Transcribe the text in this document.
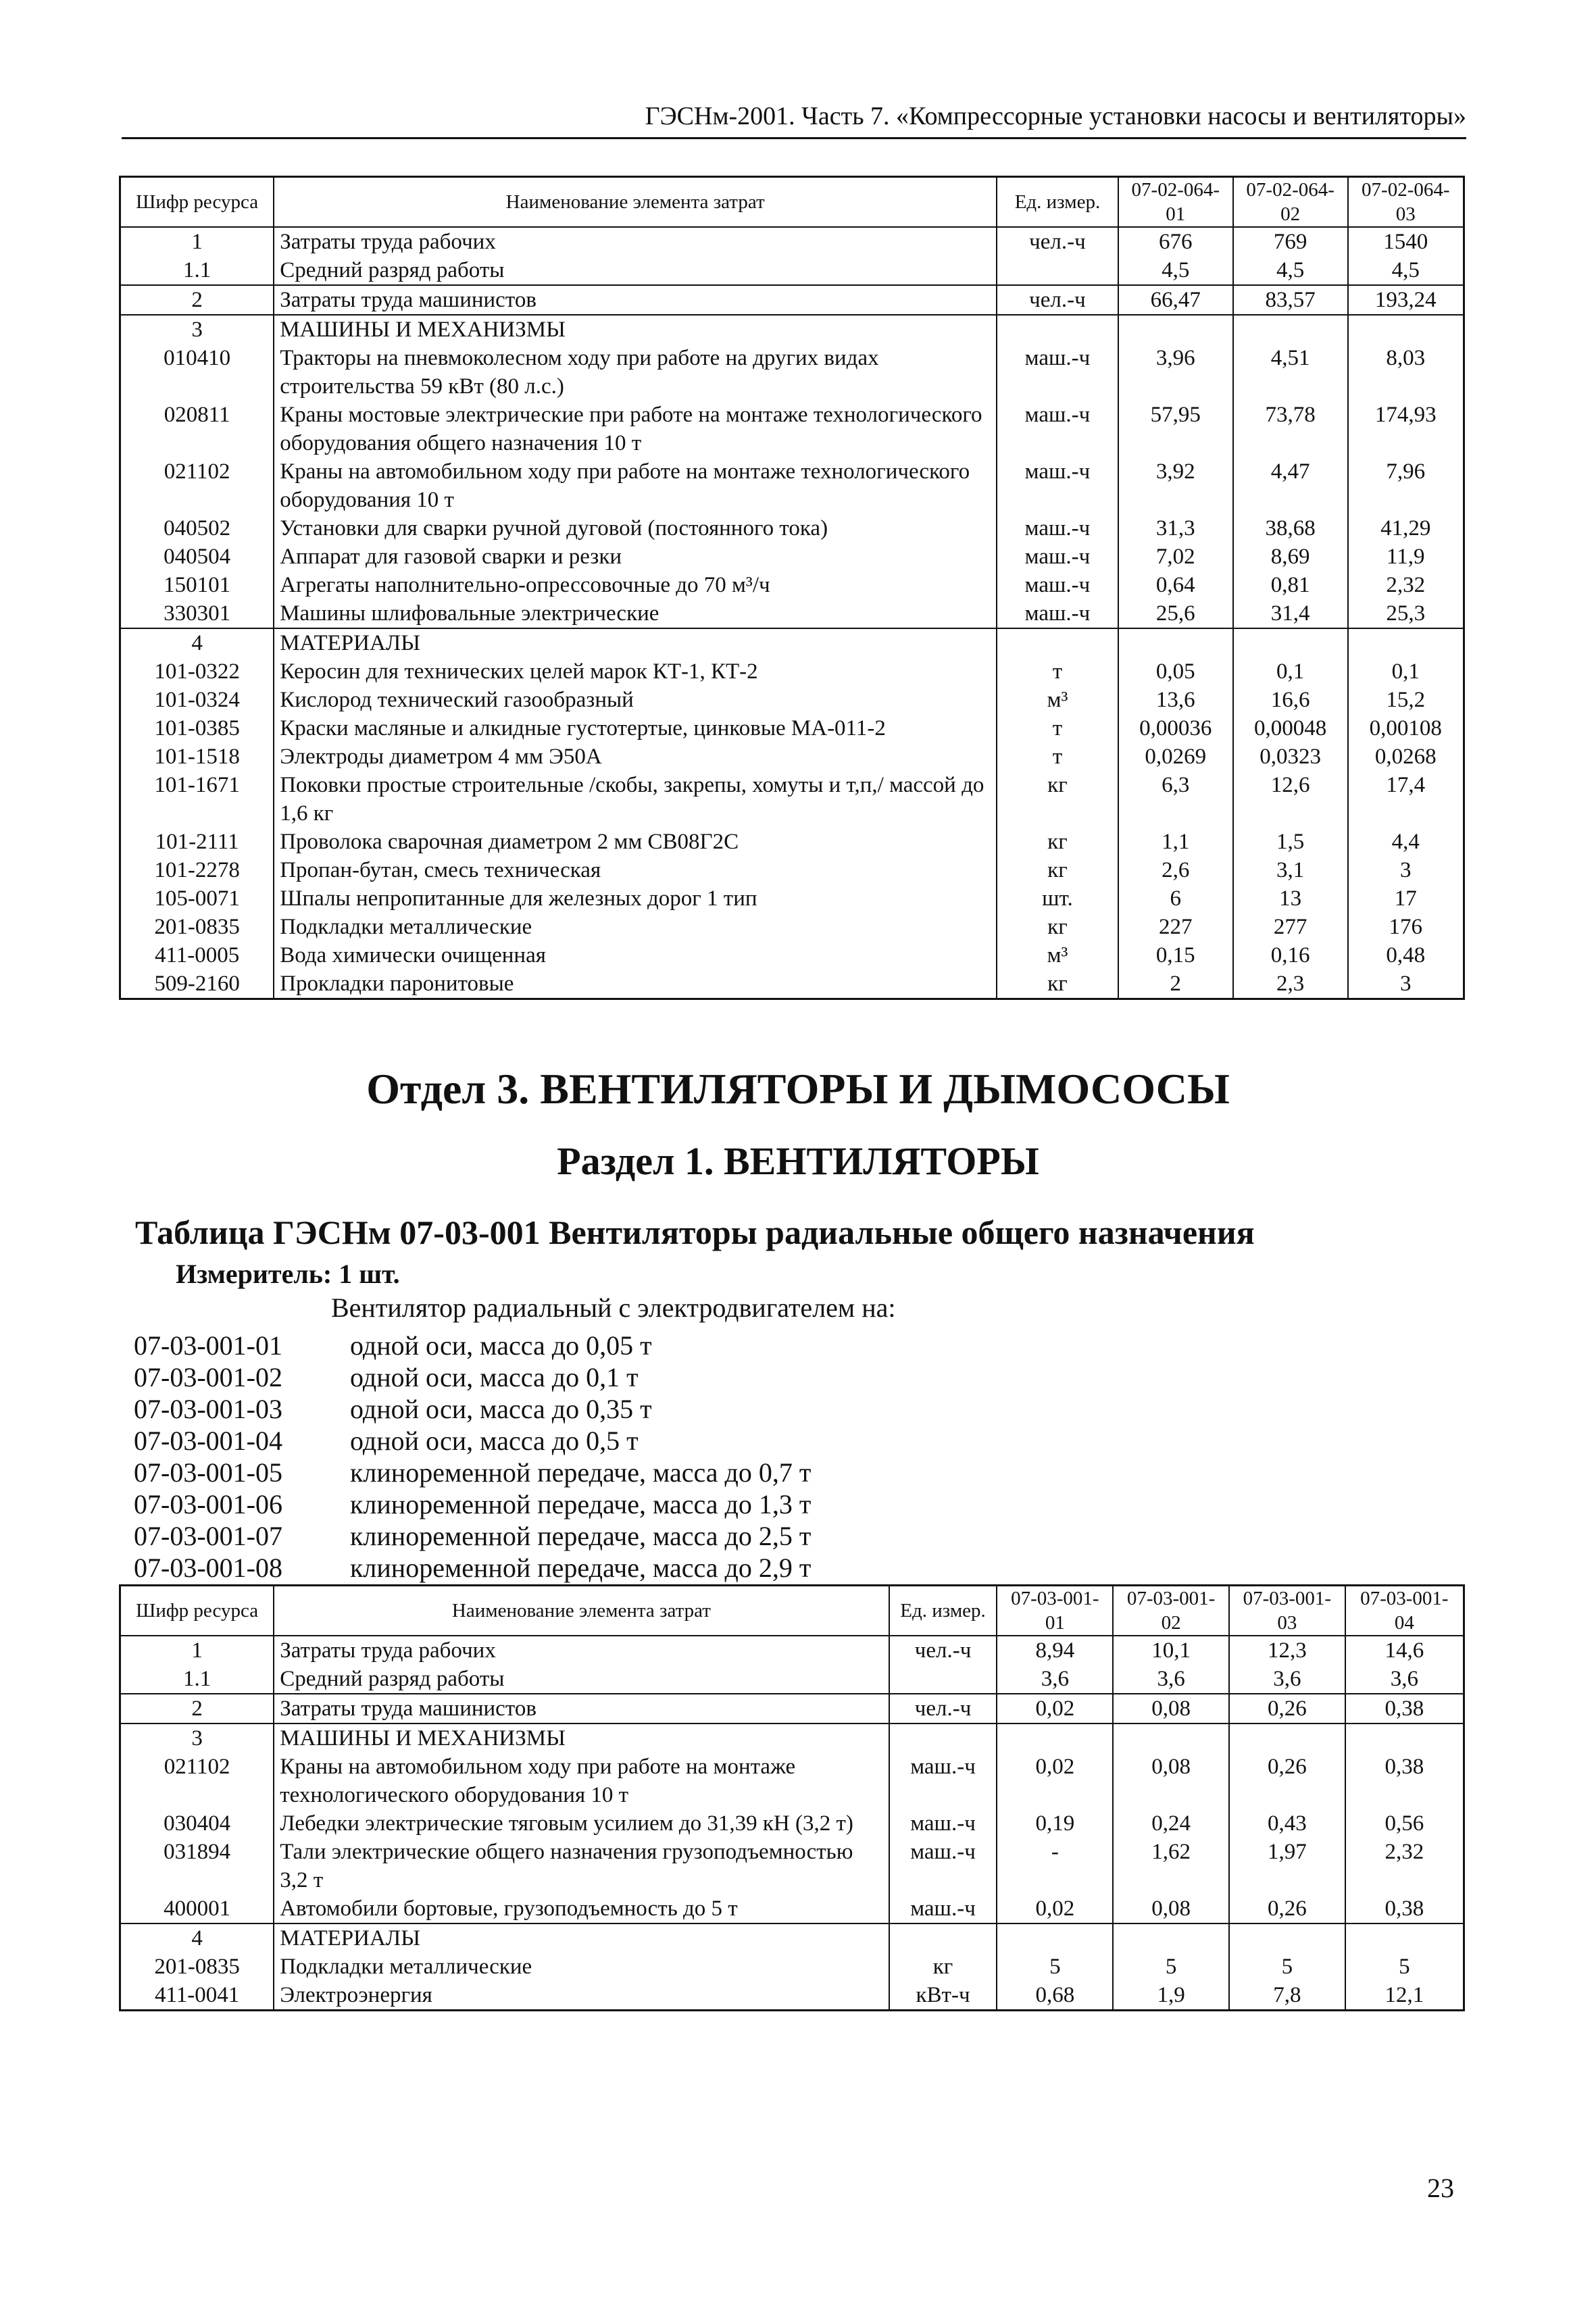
ГЭСНм-2001. Часть 7. «Компрессорные установки насосы и вентиляторы»
Шифр ресурса	Наименование элемента затрат	Ед. измер.	07-02-064-01	07-02-064-02	07-02-064-03
1	Затраты труда рабочих	чел.-ч	676	769	1540
1.1	Средний разряд работы		4,5	4,5	4,5
2	Затраты труда машинистов	чел.-ч	66,47	83,57	193,24
3	МАШИНЫ И МЕХАНИЗМЫ				
010410	Тракторы на пневмоколесном ходу при работе на других видах строительства 59 кВт (80 л.с.)	маш.-ч	3,96	4,51	8,03
020811	Краны мостовые электрические при работе на монтаже технологического оборудования общего назначения 10 т	маш.-ч	57,95	73,78	174,93
021102	Краны на автомобильном ходу при работе на монтаже технологического оборудования 10 т	маш.-ч	3,92	4,47	7,96
040502	Установки для сварки ручной дуговой (постоянного тока)	маш.-ч	31,3	38,68	41,29
040504	Аппарат для газовой сварки и резки	маш.-ч	7,02	8,69	11,9
150101	Агрегаты наполнительно-опрессовочные до 70 м³/ч	маш.-ч	0,64	0,81	2,32
330301	Машины шлифовальные электрические	маш.-ч	25,6	31,4	25,3
4	МАТЕРИАЛЫ				
101-0322	Керосин для технических целей марок КТ-1, КТ-2	т	0,05	0,1	0,1
101-0324	Кислород технический газообразный	м³	13,6	16,6	15,2
101-0385	Краски масляные и алкидные густотертые, цинковые МА-011-2	т	0,00036	0,00048	0,00108
101-1518	Электроды диаметром 4 мм Э50А	т	0,0269	0,0323	0,0268
101-1671	Поковки простые строительные /скобы, закрепы, хомуты и т,п,/ массой до 1,6 кг	кг	6,3	12,6	17,4
101-2111	Проволока сварочная диаметром 2 мм СВ08Г2С	кг	1,1	1,5	4,4
101-2278	Пропан-бутан, смесь техническая	кг	2,6	3,1	3
105-0071	Шпалы непропитанные для железных дорог 1 тип	шт.	6	13	17
201-0835	Подкладки металлические	кг	227	277	176
411-0005	Вода химически очищенная	м³	0,15	0,16	0,48
509-2160	Прокладки паронитовые	кг	2	2,3	3
Отдел 3. ВЕНТИЛЯТОРЫ И ДЫМОСОСЫ
Раздел 1. ВЕНТИЛЯТОРЫ
Таблица ГЭСНм 07-03-001 Вентиляторы радиальные общего назначения
Измеритель: 1 шт.
Вентилятор радиальный с электродвигателем на:
07-03-001-01	одной оси, масса до 0,05 т
07-03-001-02	одной оси, масса до 0,1 т
07-03-001-03	одной оси, масса до 0,35 т
07-03-001-04	одной оси, масса до 0,5 т
07-03-001-05	клиноременной передаче, масса до 0,7 т
07-03-001-06	клиноременной передаче, масса до 1,3 т
07-03-001-07	клиноременной передаче, масса до 2,5 т
07-03-001-08	клиноременной передаче, масса до 2,9 т
Шифр ресурса	Наименование элемента затрат	Ед. измер.	07-03-001-01	07-03-001-02	07-03-001-03	07-03-001-04
1	Затраты труда рабочих	чел.-ч	8,94	10,1	12,3	14,6
1.1	Средний разряд работы		3,6	3,6	3,6	3,6
2	Затраты труда машинистов	чел.-ч	0,02	0,08	0,26	0,38
3	МАШИНЫ И МЕХАНИЗМЫ					
021102	Краны на автомобильном ходу при работе на монтаже технологического оборудования 10 т	маш.-ч	0,02	0,08	0,26	0,38
030404	Лебедки электрические тяговым усилием до 31,39 кН (3,2 т)	маш.-ч	0,19	0,24	0,43	0,56
031894	Тали электрические общего назначения грузоподъемностью 3,2 т	маш.-ч	-	1,62	1,97	2,32
400001	Автомобили бортовые, грузоподъемность до 5 т	маш.-ч	0,02	0,08	0,26	0,38
4	МАТЕРИАЛЫ					
201-0835	Подкладки металлические	кг	5	5	5	5
411-0041	Электроэнергия	кВт-ч	0,68	1,9	7,8	12,1
23
